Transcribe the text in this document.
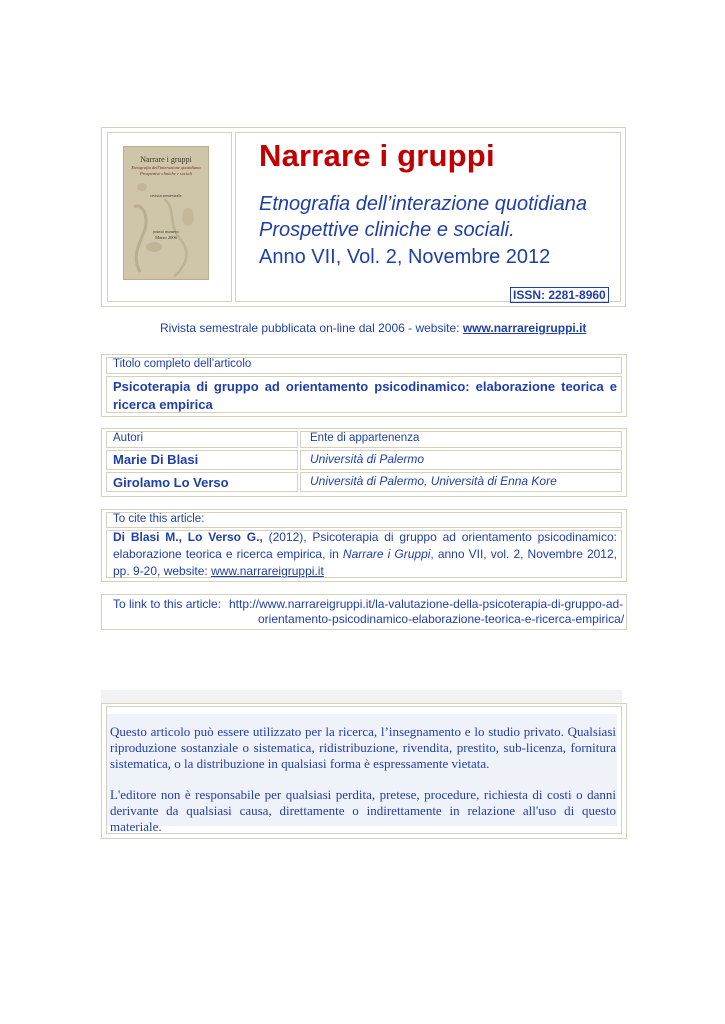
Narrare i gruppi
Etnografia dell'interazione quotidiana Prospettive cliniche e sociali
rivista semestrale
primo numero
Marzo 2006
Narrare i gruppi
Etnografia dell’interazione quotidiana
Prospettive cliniche e sociali.
Anno VII, Vol. 2, Novembre 2012
ISSN: 2281-8960
Rivista semestrale pubblicata on-line dal 2006 - website: www.narrareigruppi.it
Titolo completo dell’articolo
Psicoterapia di gruppo ad orientamento psicodinamico: elaborazione teorica e ricerca empirica
Autori	Ente di appartenenza
Marie Di Blasi	Università di Palermo
Girolamo Lo Verso	Università di Palermo, Università di Enna Kore
To cite this article:
Di Blasi M., Lo Verso G., (2012), Psicoterapia di gruppo ad orientamento psicodinamico: elaborazione teorica e ricerca empirica, in Narrare i Gruppi, anno VII, vol. 2, Novembre 2012, pp. 9-20, website: www.narrareigruppi.it
To link to this article: http://www.narrareigruppi.it/la-valutazione-della-psicoterapia-di-gruppo-ad-
orientamento-psicodinamico-elaborazione-teorica-e-ricerca-empirica/

Questo articolo può essere utilizzato per la ricerca, l’insegnamento e lo studio privato. Qualsiasi riproduzione sostanziale o sistematica, ridistribuzione, rivendita, prestito, sub-licenza, fornitura sistematica, o la distribuzione in qualsiasi forma è espressamente vietata.

L'editore non è responsabile per qualsiasi perdita, pretese, procedure, richiesta di costi o danni derivante da qualsiasi causa, direttamente o indirettamente in relazione all'uso di questo materiale.
